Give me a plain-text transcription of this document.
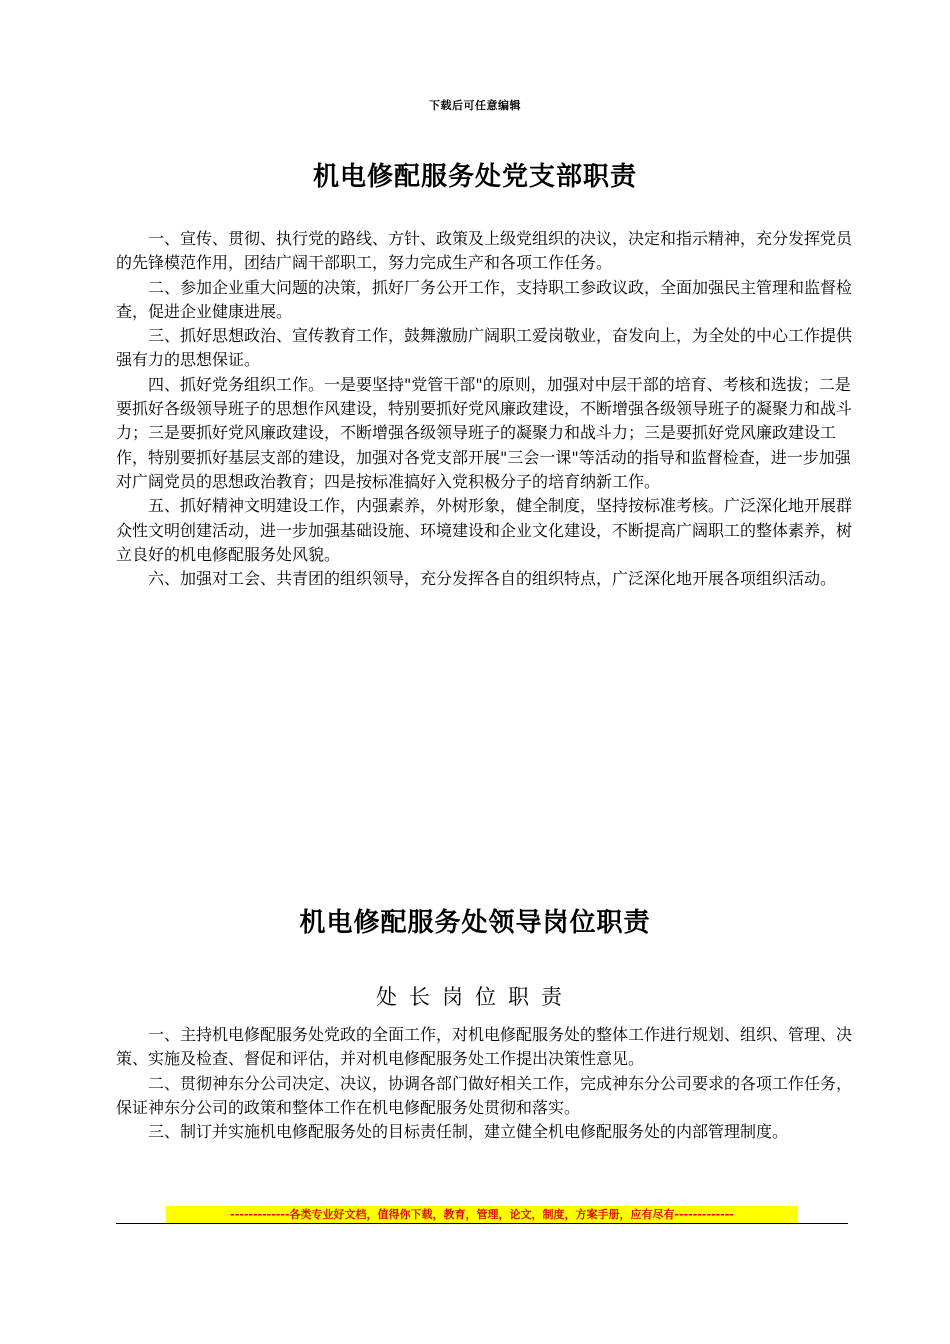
下载后可任意编辑
机电修配服务处党支部职责

一、宣传、贯彻、执行党的路线、方针、政策及上级党组织的决议，决定和指示精神，充分发挥党员的先锋模范作用，团结广阔干部职工，努力完成生产和各项工作任务。

二、参加企业重大问题的决策，抓好厂务公开工作，支持职工参政议政，全面加强民主管理和监督检查，促进企业健康进展。

三、抓好思想政治、宣传教育工作，鼓舞激励广阔职工爱岗敬业，奋发向上，为全处的中心工作提供强有力的思想保证。

四、抓好党务组织工作。一是要坚持"党管干部"的原则，加强对中层干部的培育、考核和选拔；二是要抓好各级领导班子的思想作风建设，特别要抓好党风廉政建设，不断增强各级领导班子的凝聚力和战斗力；三是要抓好党风廉政建设，不断增强各级领导班子的凝聚力和战斗力；三是要抓好党风廉政建设工作，特别要抓好基层支部的建设，加强对各党支部开展"三会一课"等活动的指导和监督检查，进一步加强对广阔党员的思想政治教育；四是按标准搞好入党积极分子的培育纳新工作。

五、抓好精神文明建设工作，内强素养，外树形象，健全制度，坚持按标准考核。广泛深化地开展群众性文明创建活动，进一步加强基础设施、环境建设和企业文化建设，不断提高广阔职工的整体素养，树立良好的机电修配服务处风貌。

六、加强对工会、共青团的组织领导，充分发挥各自的组织特点，广泛深化地开展各项组织活动。

机电修配服务处领导岗位职责
处长岗位职责

一、主持机电修配服务处党政的全面工作，对机电修配服务处的整体工作进行规划、组织、管理、决策、实施及检查、督促和评估，并对机电修配服务处工作提出决策性意见。

二、贯彻神东分公司决定、决议，协调各部门做好相关工作，完成神东分公司要求的各项工作任务，保证神东分公司的政策和整体工作在机电修配服务处贯彻和落实。

三、制订并实施机电修配服务处的目标责任制，建立健全机电修配服务处的内部管理制度。

-------------各类专业好文档，值得你下载，教育，管理，论文，制度，方案手册，应有尽有-------------
